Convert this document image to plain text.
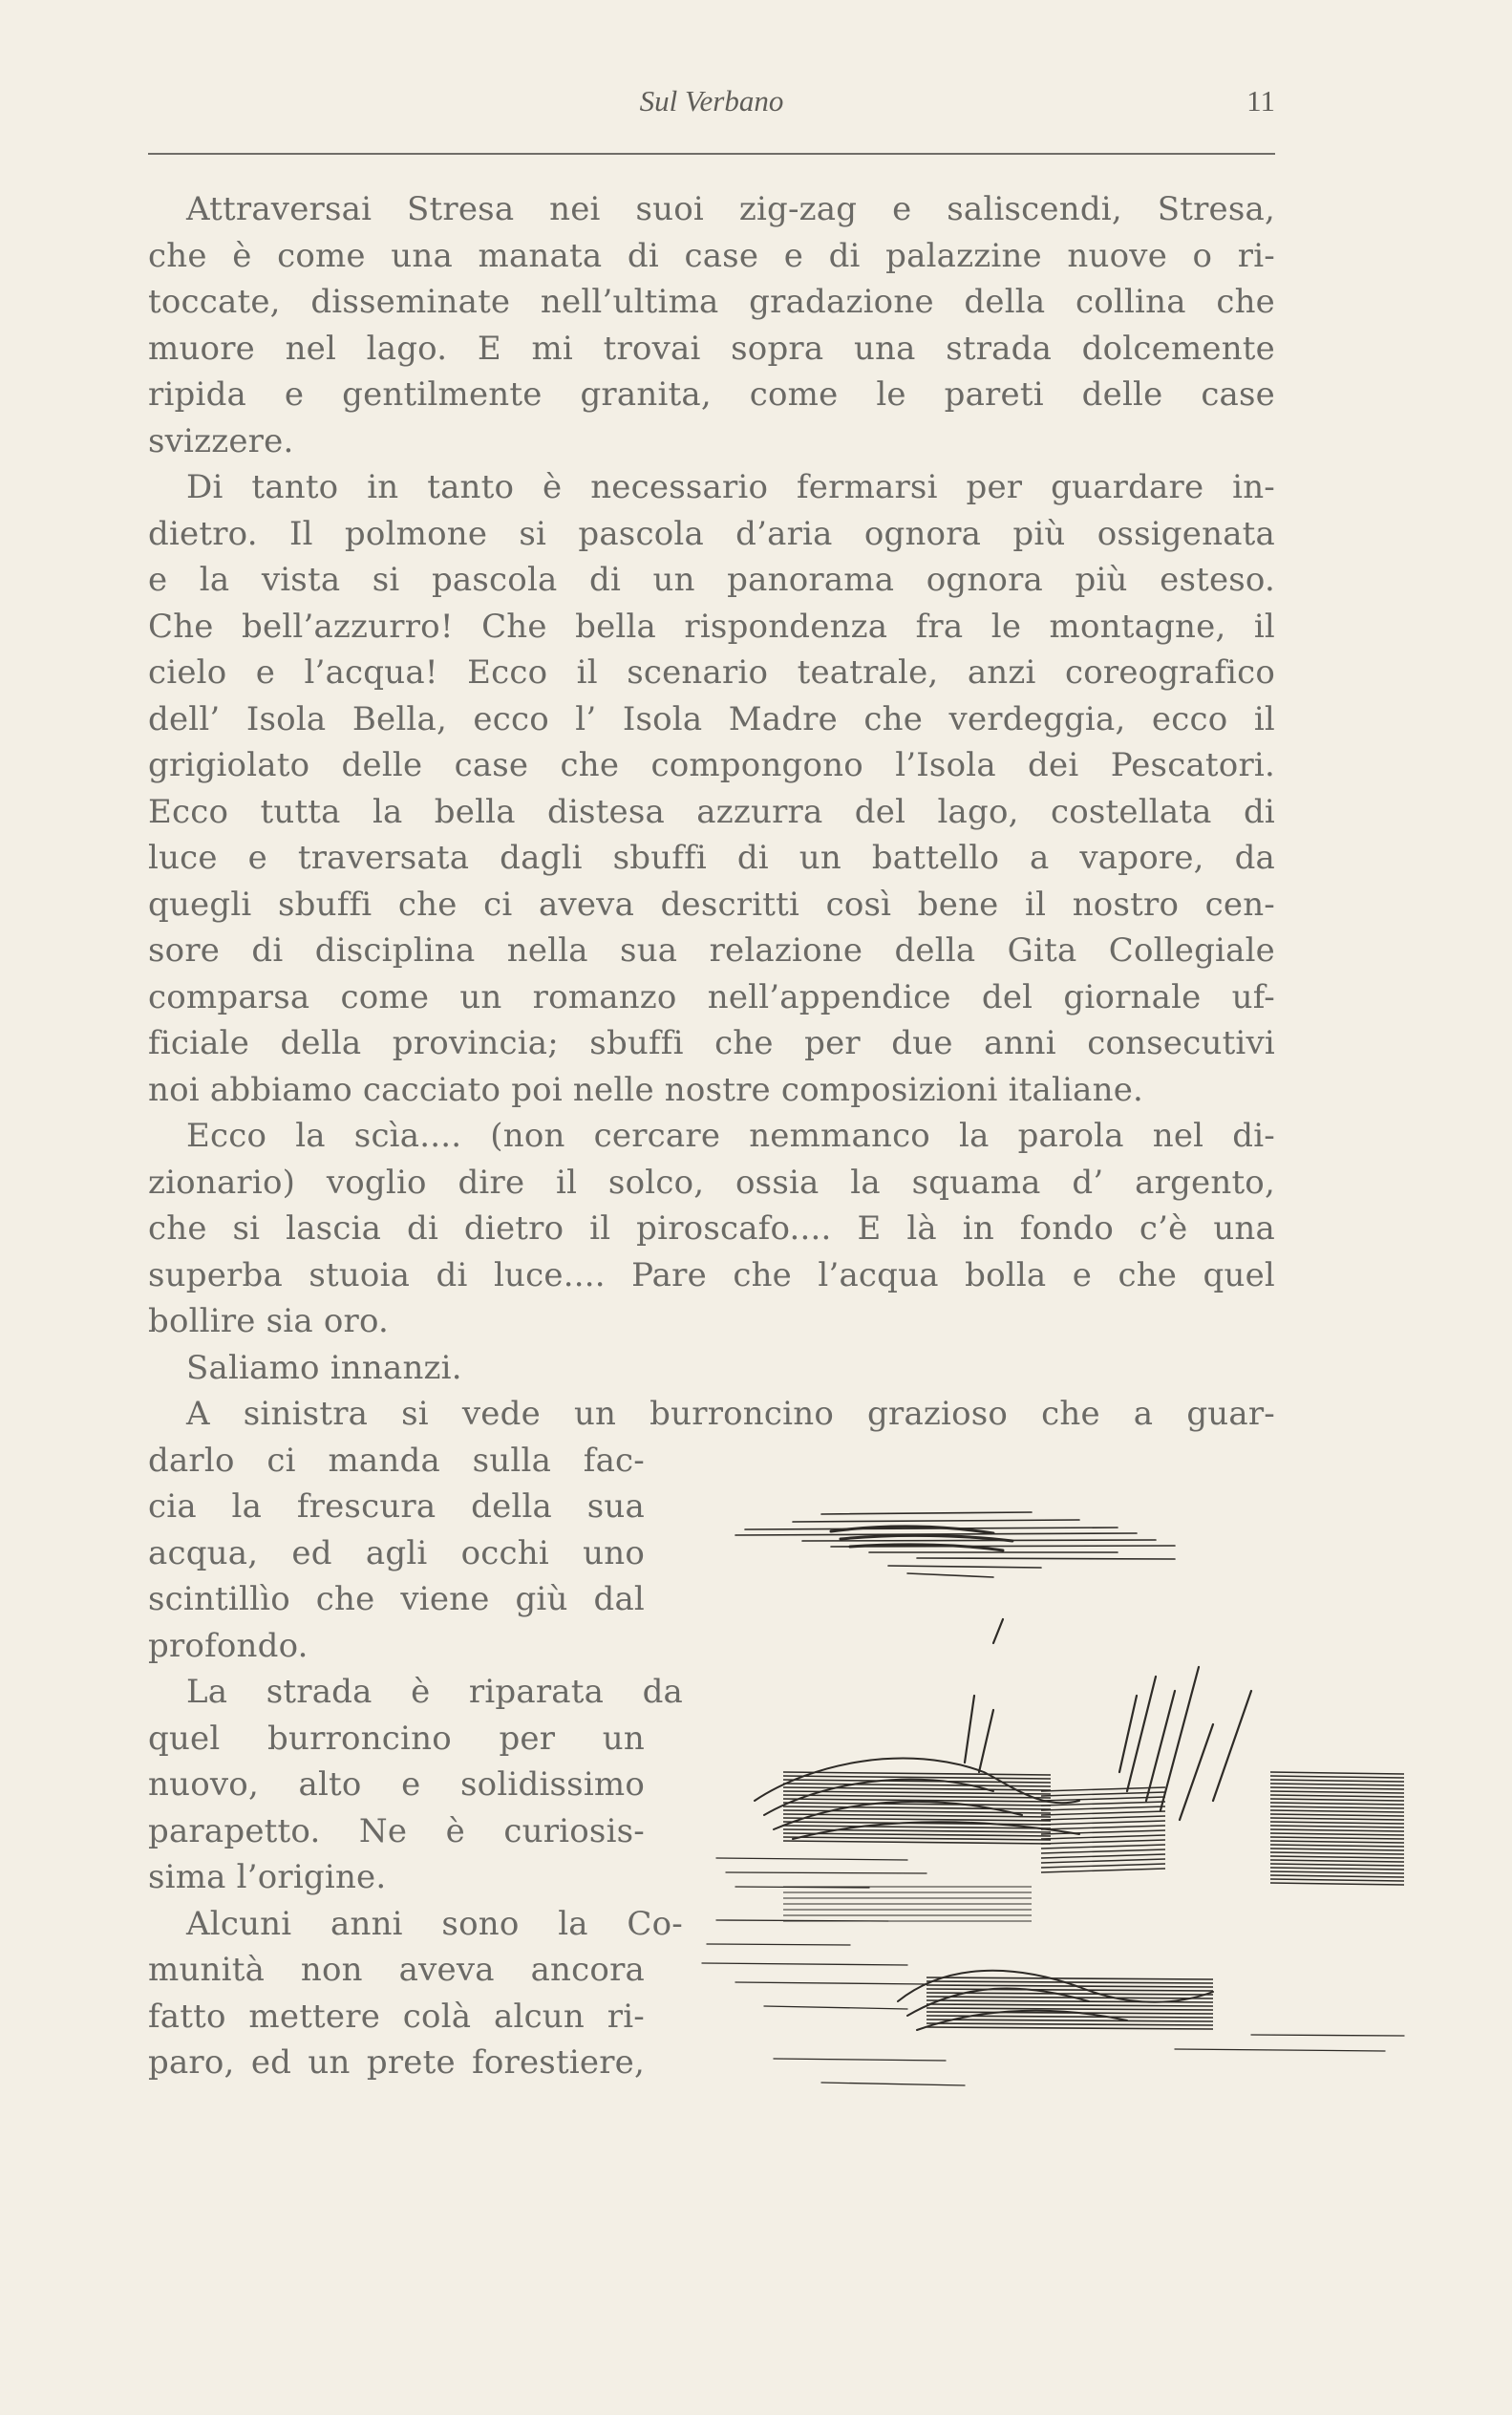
Sul Verbano	11
Attraversai Stresa nei suoi zig-zag e saliscendi, Stresa,
che è come una manata di case e di palazzine nuove o ri-
toccate, disseminate nell’ultima gradazione della collina che
muore nel lago. E mi trovai sopra una strada dolcemente
ripida e gentilmente granita, come le pareti delle case
svizzere.
Di tanto in tanto è necessario fermarsi per guardare in-
dietro. Il polmone si pascola d’aria ognora più ossigenata
e la vista si pascola di un panorama ognora più esteso.
Che bell’azzurro! Che bella rispondenza fra le montagne, il
cielo e l’acqua! Ecco il scenario teatrale, anzi coreografico
dell’ Isola Bella, ecco l’ Isola Madre che verdeggia, ecco il
grigiolato delle case che compongono l’Isola dei Pescatori.
Ecco tutta la bella distesa azzurra del lago, costellata di
luce e traversata dagli sbuffi di un battello a vapore, da
quegli sbuffi che ci aveva descritti così bene il nostro cen-
sore di disciplina nella sua relazione della Gita Collegiale
comparsa come un romanzo nell’appendice del giornale uf-
ficiale della provincia; sbuffi che per due anni consecutivi
noi abbiamo cacciato poi nelle nostre composizioni italiane.
Ecco la scìa.... (non cercare nemmanco la parola nel di-
zionario) voglio dire il solco, ossia la squama d’ argento,
che si lascia di dietro il piroscafo.... E là in fondo c’è una
superba stuoia di luce.... Pare che l’acqua bolla e che quel
bollire sia oro.
Saliamo innanzi.
A sinistra si vede un burroncino grazioso che a guar-
darlo ci manda sulla fac-
cia la frescura della sua
acqua, ed agli occhi uno
scintillìo che viene giù dal
profondo.
La strada è riparata da
quel burroncino per un
nuovo, alto e solidissimo
parapetto. Ne è curiosis-
sima l’origine.
Alcuni anni sono la Co-
munità non aveva ancora
fatto mettere colà alcun ri-
paro, ed un prete forestiere,
